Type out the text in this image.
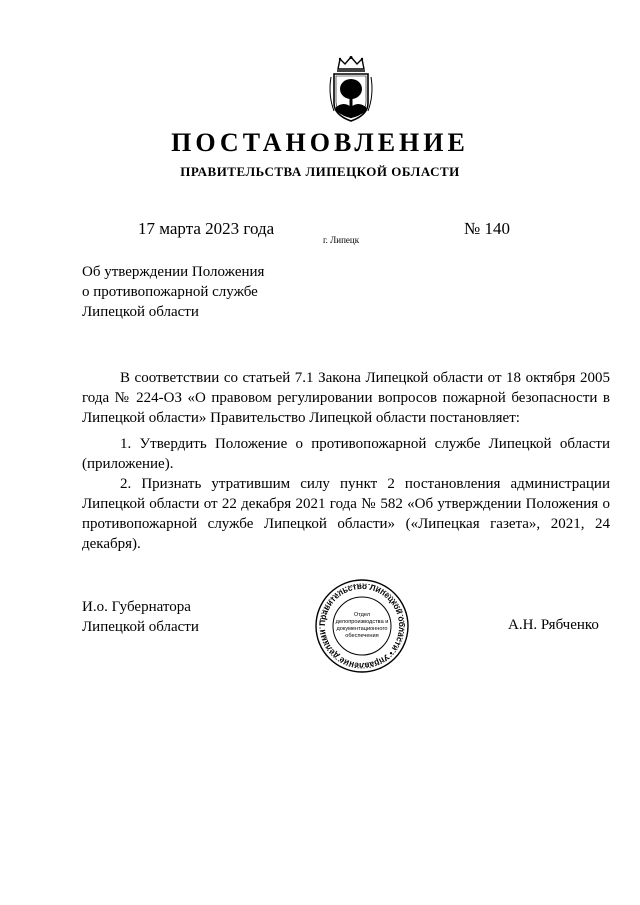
ПОСТАНОВЛЕНИЕ
ПРАВИТЕЛЬСТВА ЛИПЕЦКОЙ ОБЛАСТИ
17 марта 2023 года
г. Липецк
№ 140
Об утверждении Положения
о противопожарной службе
Липецкой области
В соответствии со статьей 7.1 Закона Липецкой области от 18 октября 2005 года № 224-ОЗ «О правовом регулировании вопросов пожарной безопасности в Липецкой области» Правительство Липецкой области постановляет:
1. Утвердить Положение о противопожарной службе Липецкой области (приложение).
2. Признать утратившим силу пункт 2 постановления администрации Липецкой области от 22 декабря 2021 года № 582 «Об утверждении Положения о противопожарной службе Липецкой области» («Липецкая газета», 2021, 24 декабря).
И.о. Губернатора
Липецкой области	А.Н. Рябченко
Правительство Липецкой области • Управление делами
Отдел
делопроизводства и
документационного
обеспечения
